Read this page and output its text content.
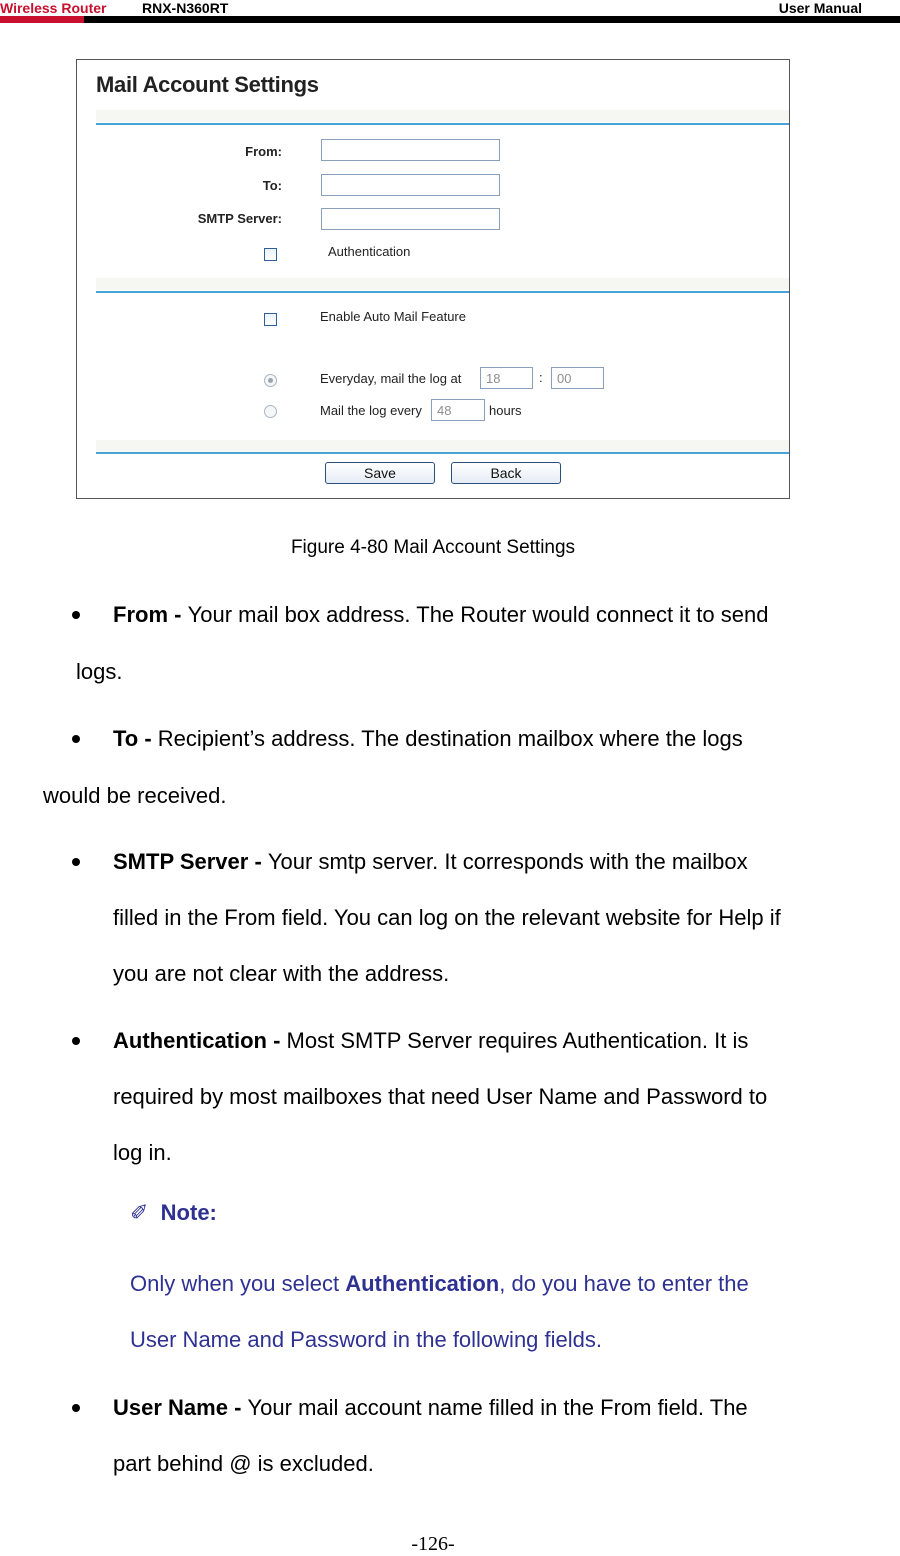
Wireless Router	RNX-N360RT	User Manual
Mail Account Settings
From:
To:
SMTP Server:
Authentication
Enable Auto Mail Feature
Everyday, mail the log at 18	: 00
Mail the log every 48	hours
Save	Back
Figure 4-80 Mail Account Settings
From - Your mail box address. The Router would connect it to send
logs.
To - Recipient’s address. The destination mailbox where the logs
would be received.
SMTP Server - Your smtp server. It corresponds with the mailbox
filled in the From field. You can log on the relevant website for Help if
you are not clear with the address.
Authentication - Most SMTP Server requires Authentication. It is
required by most mailboxes that need User Name and Password to
log in.
✐ Note:
Only when you select Authentication, do you have to enter the
User Name and Password in the following fields.
User Name - Your mail account name filled in the From field. The
part behind @ is excluded.
-126-
